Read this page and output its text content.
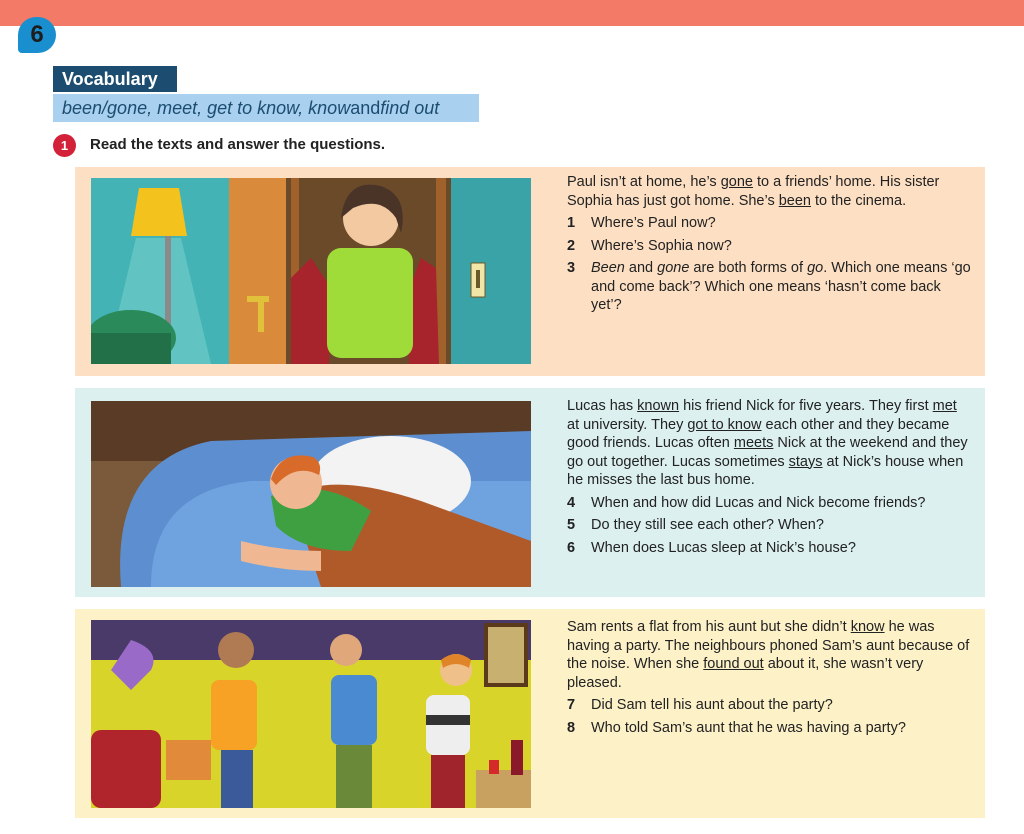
6
Vocabulary
been/gone, meet, get to know, know and find out
1	Read the texts and answer the questions.

Paul isn’t at home, he’s gone to a friends’ home. His sister Sophia has just got home. She’s been to the cinema.

1	Where’s Paul now?
2	Where’s Sophia now?
3	Been and gone are both forms of go. Which one means ‘go and come back’? Which one means ‘hasn’t come back yet’?

Lucas has known his friend Nick for five years. They first met at university. They got to know each other and they became good friends. Lucas often meets Nick at the weekend and they go out together. Lucas sometimes stays at Nick’s house when he misses the last bus home.

4	When and how did Lucas and Nick become friends?
5	Do they still see each other? When?
6	When does Lucas sleep at Nick’s house?

Sam rents a flat from his aunt but she didn’t know he was having a party. The neighbours phoned Sam’s aunt because of the noise. When she found out about it, she wasn’t very pleased.

7	Did Sam tell his aunt about the party?
8	Who told Sam’s aunt that he was having a party?
